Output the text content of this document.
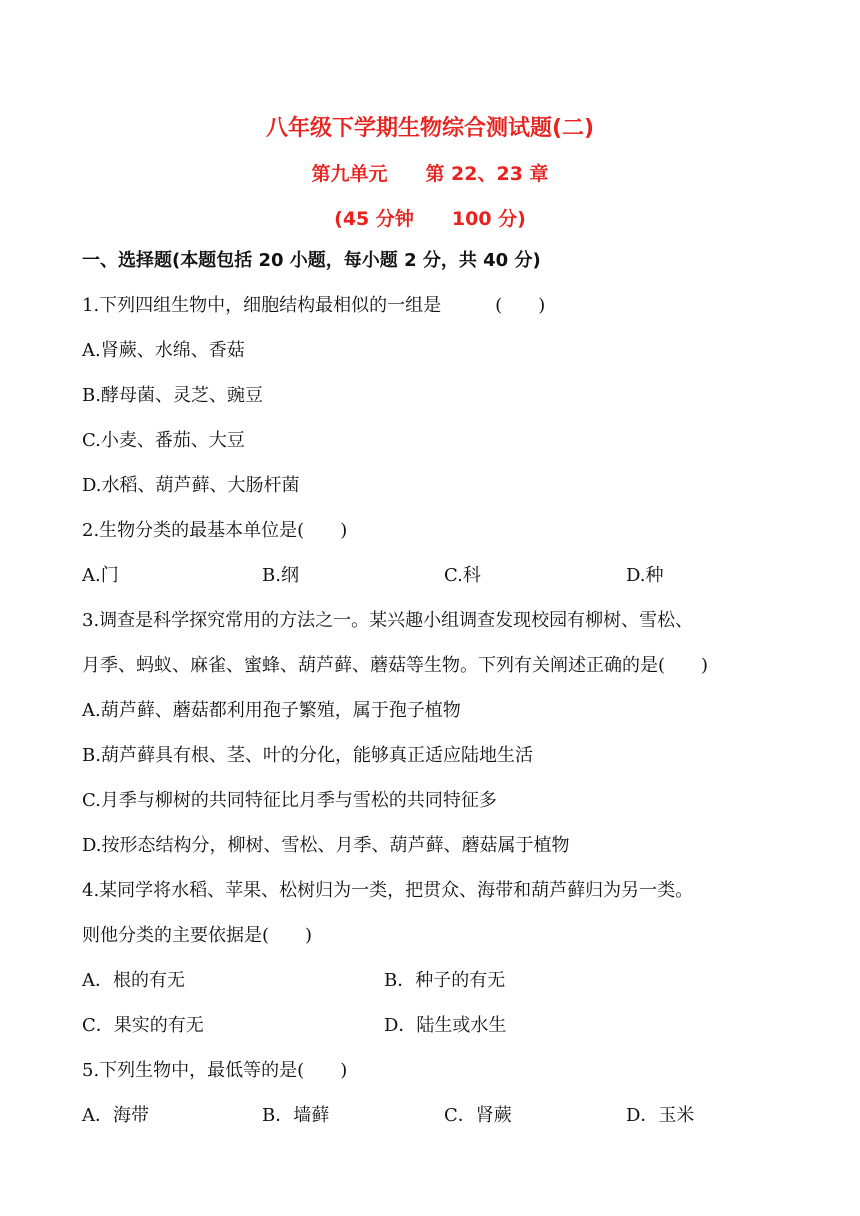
八年级下学期生物综合测试题(二)
第九单元　　第 22、23 章
(45 分钟　　100 分)
一、选择题(本题包括 20 小题，每小题 2 分，共 40 分)
1.下列四组生物中，细胞结构最相似的一组是　　　(　　)
A.肾蕨、水绵、香菇
B.酵母菌、灵芝、豌豆
C.小麦、番茄、大豆
D.水稻、葫芦藓、大肠杆菌
2.生物分类的最基本单位是(　　)
A.门	B.纲	C.科	D.种
3.调查是科学探究常用的方法之一。某兴趣小组调查发现校园有柳树、雪松、
月季、蚂蚁、麻雀、蜜蜂、葫芦藓、蘑菇等生物。下列有关阐述正确的是(　　)
A.葫芦藓、蘑菇都利用孢子繁殖，属于孢子植物
B.葫芦藓具有根、茎、叶的分化，能够真正适应陆地生活
C.月季与柳树的共同特征比月季与雪松的共同特征多
D.按形态结构分，柳树、雪松、月季、葫芦藓、蘑菇属于植物
4.某同学将水稻、苹果、松树归为一类，把贯众、海带和葫芦藓归为另一类。
则他分类的主要依据是(　　)
A．根的有无	B．种子的有无
C．果实的有无	D．陆生或水生
5.下列生物中，最低等的是(　　)
A．海带	B．墙藓	C．肾蕨	D．玉米
